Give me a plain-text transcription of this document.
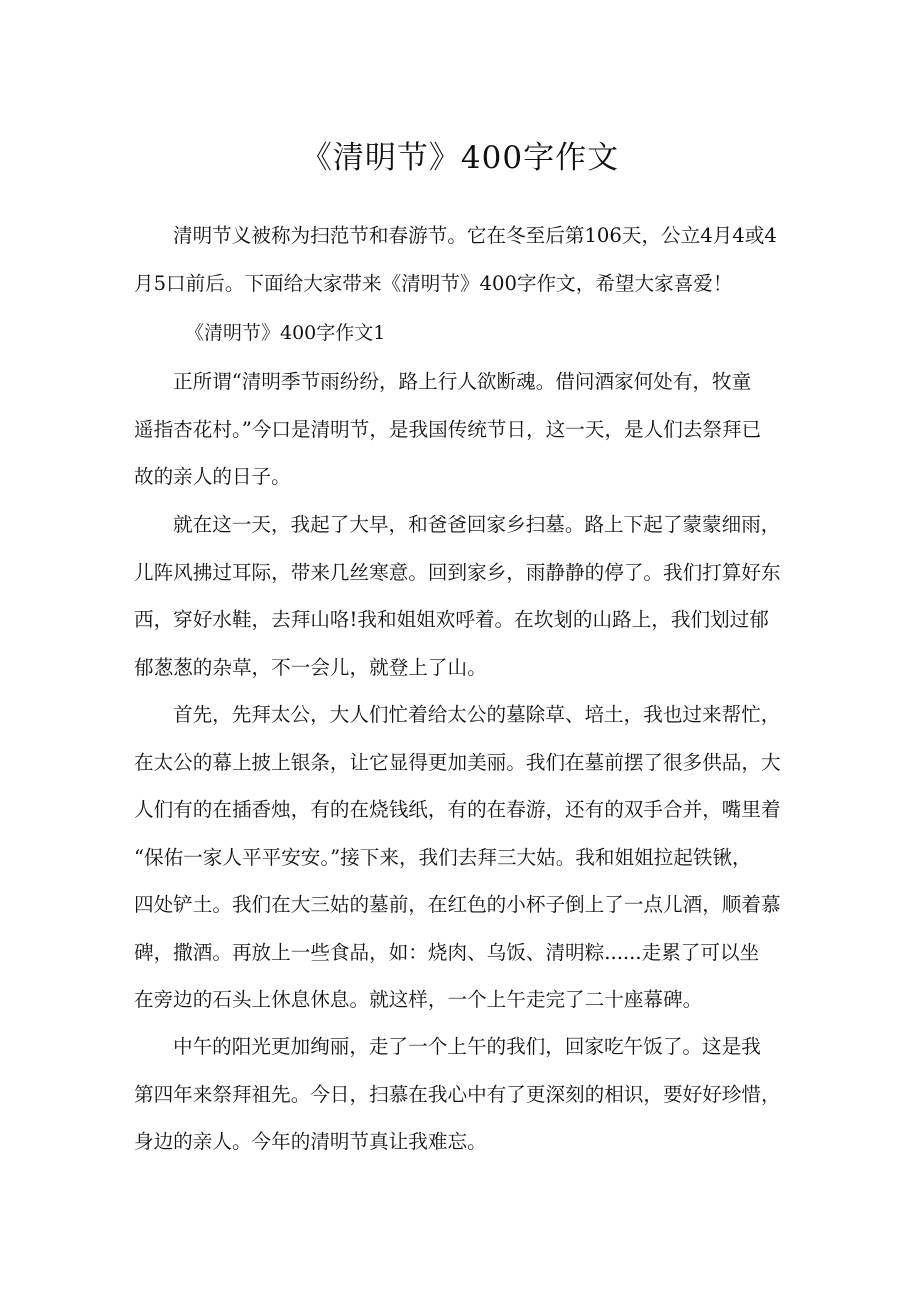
《清明节》400字作文
清明节义被称为扫范节和春游节。它在冬至后第106天，公立4月4或4
月5口前后。下面给大家带来《清明节》400字作文，希望大家喜爱！
《清明节》400字作文1
正所谓“清明季节雨纷纷，路上行人欲断魂。借问酒家何处有，牧童
遥指杏花村。”今口是清明节，是我国传统节日，这一天，是人们去祭拜已
故的亲人的日子。
就在这一天，我起了大早，和爸爸回家乡扫墓。路上下起了蒙蒙细雨，
儿阵风拂过耳际，带来几丝寒意。回到家乡，雨静静的停了。我们打算好东
西，穿好水鞋，去拜山咯!我和姐姐欢呼着。在坎刬的山路上，我们划过郁
郁葱葱的杂草，不一会儿，就登上了山。
首先，先拜太公，大人们忙着给太公的墓除草、培土，我也过来帮忙，
在太公的幕上披上银条，让它显得更加美丽。我们在墓前摆了很多供品，大
人们有的在插香烛，有的在烧钱纸，有的在春游，还有的双手合并，嘴里着
“保佑一家人平平安安。”接下来，我们去拜三大姑。我和姐姐拉起铁锹，
四处铲土。我们在大三姑的墓前，在红色的小杯子倒上了一点儿酒，顺着慕
碑，撒酒。再放上一些食品，如：烧肉、乌饭、清明粽......走累了可以坐
在旁边的石头上休息休息。就这样，一个上午走完了二十座幕碑。
中午的阳光更加绚丽，走了一个上午的我们，回家吃午饭了。这是我
第四年来祭拜祖先。今日，扫慕在我心中有了更深刻的相识，要好好珍惜，
身边的亲人。今年的清明节真让我难忘。
